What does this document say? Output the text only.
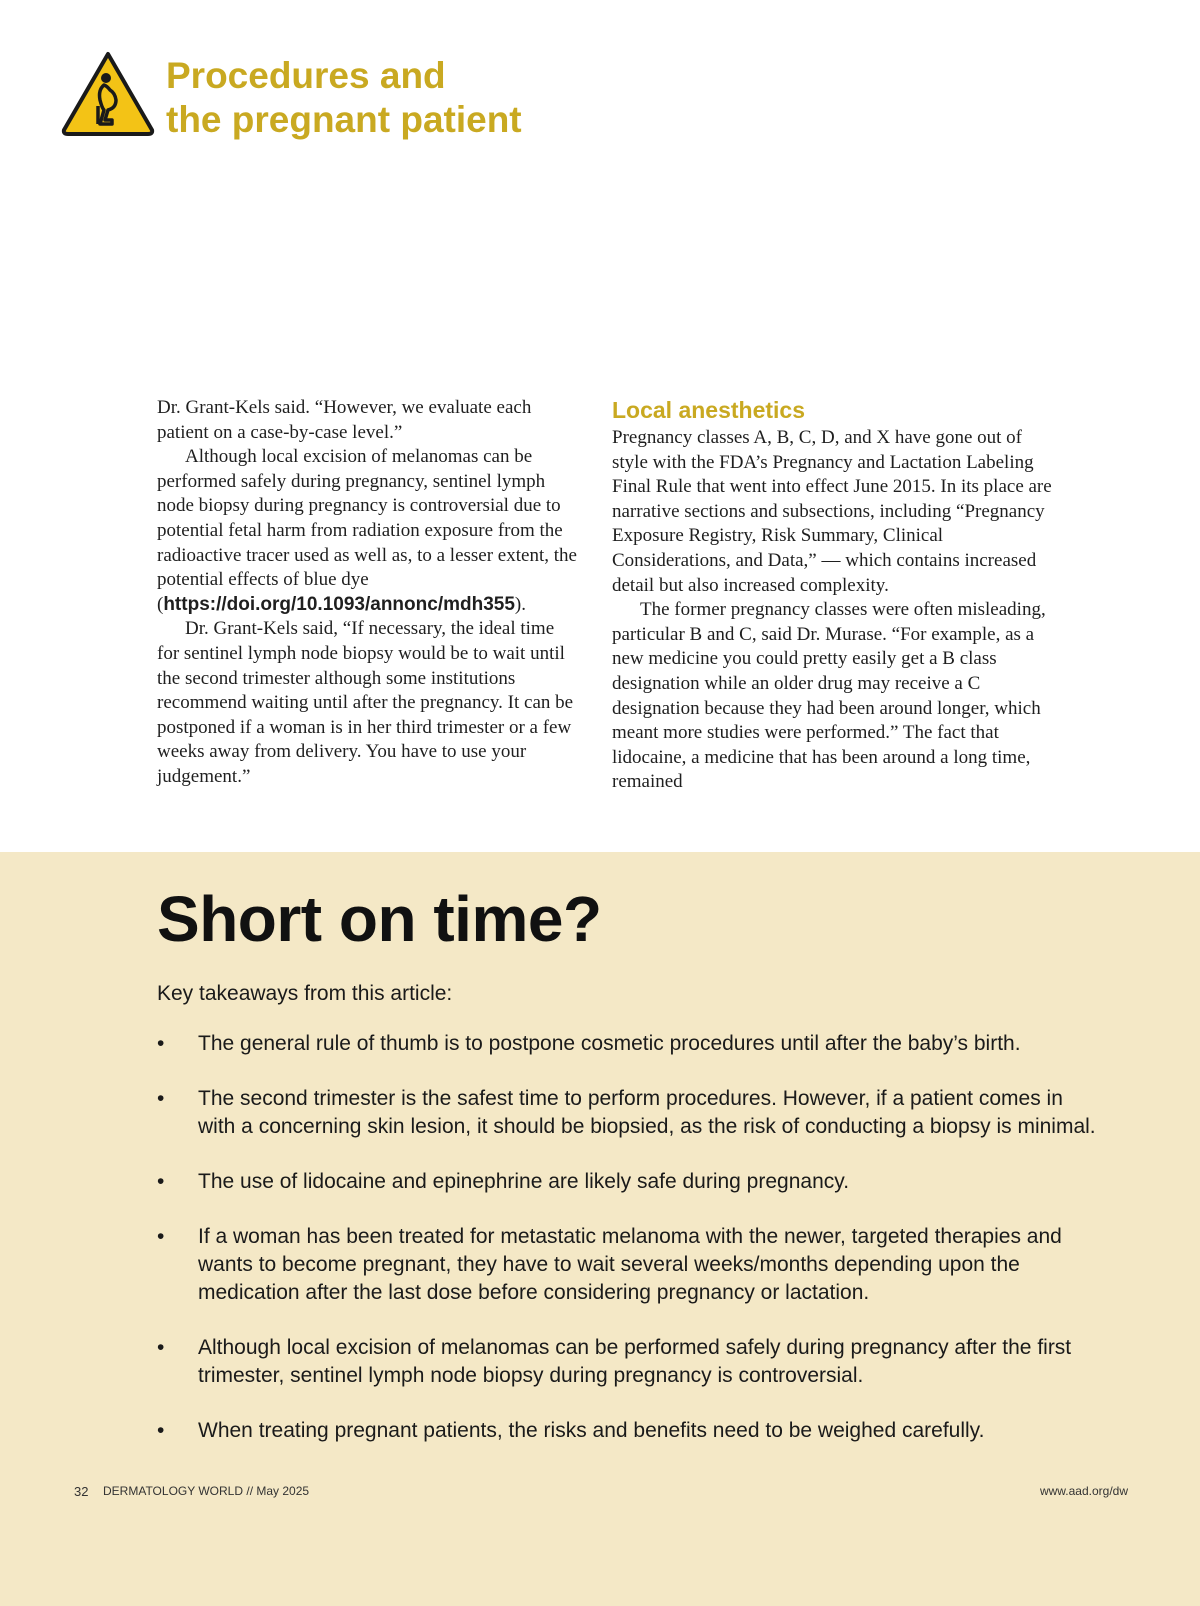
Procedures and
the pregnant patient

Dr. Grant-Kels said. “However, we evaluate each patient on a case-by-case level.”

Although local excision of melanomas can be performed safely during pregnancy, sentinel lymph node biopsy during pregnancy is controversial due to potential fetal harm from radiation exposure from the radioactive tracer used as well as, to a lesser extent, the potential effects of blue dye (https://doi.org/10.1093/annonc/mdh355).

Dr. Grant-Kels said, “If necessary, the ideal time for sentinel lymph node biopsy would be to wait until the second trimester although some institutions recommend waiting until after the pregnancy. It can be postponed if a woman is in her third trimester or a few weeks away from delivery. You have to use your judgement.”

Local anesthetics

Pregnancy classes A, B, C, D, and X have gone out of style with the FDA’s Pregnancy and Lactation Labeling Final Rule that went into effect June 2015. In its place are narrative sections and subsections, including “Pregnancy Exposure Registry, Risk Summary, Clinical Considerations, and Data,” — which contains increased detail but also increased complexity.

The former pregnancy classes were often misleading, particular B and C, said Dr. Murase. “For example, as a new medicine you could pretty easily get a B class designation while an older drug may receive a C designation because they had been around longer, which meant more studies were performed.” The fact that lidocaine, a medicine that has been around a long time, remained

Short on time?
Key takeaways from this article:
• The general rule of thumb is to postpone cosmetic procedures until after the baby’s birth.
• The second trimester is the safest time to perform procedures. However, if a patient comes in with a concerning skin lesion, it should be biopsied, as the risk of conducting a biopsy is minimal.
• The use of lidocaine and epinephrine are likely safe during pregnancy.
• If a woman has been treated for metastatic melanoma with the newer, targeted therapies and wants to become pregnant, they have to wait several weeks/months depending upon the medication after the last dose before considering pregnancy or lactation.
• Although local excision of melanomas can be performed safely during pregnancy after the first trimester, sentinel lymph node biopsy during pregnancy is controversial.
• When treating pregnant patients, the risks and benefits need to be weighed carefully.
32 DERMATOLOGY WORLD // May 2025	www.aad.org/dw
